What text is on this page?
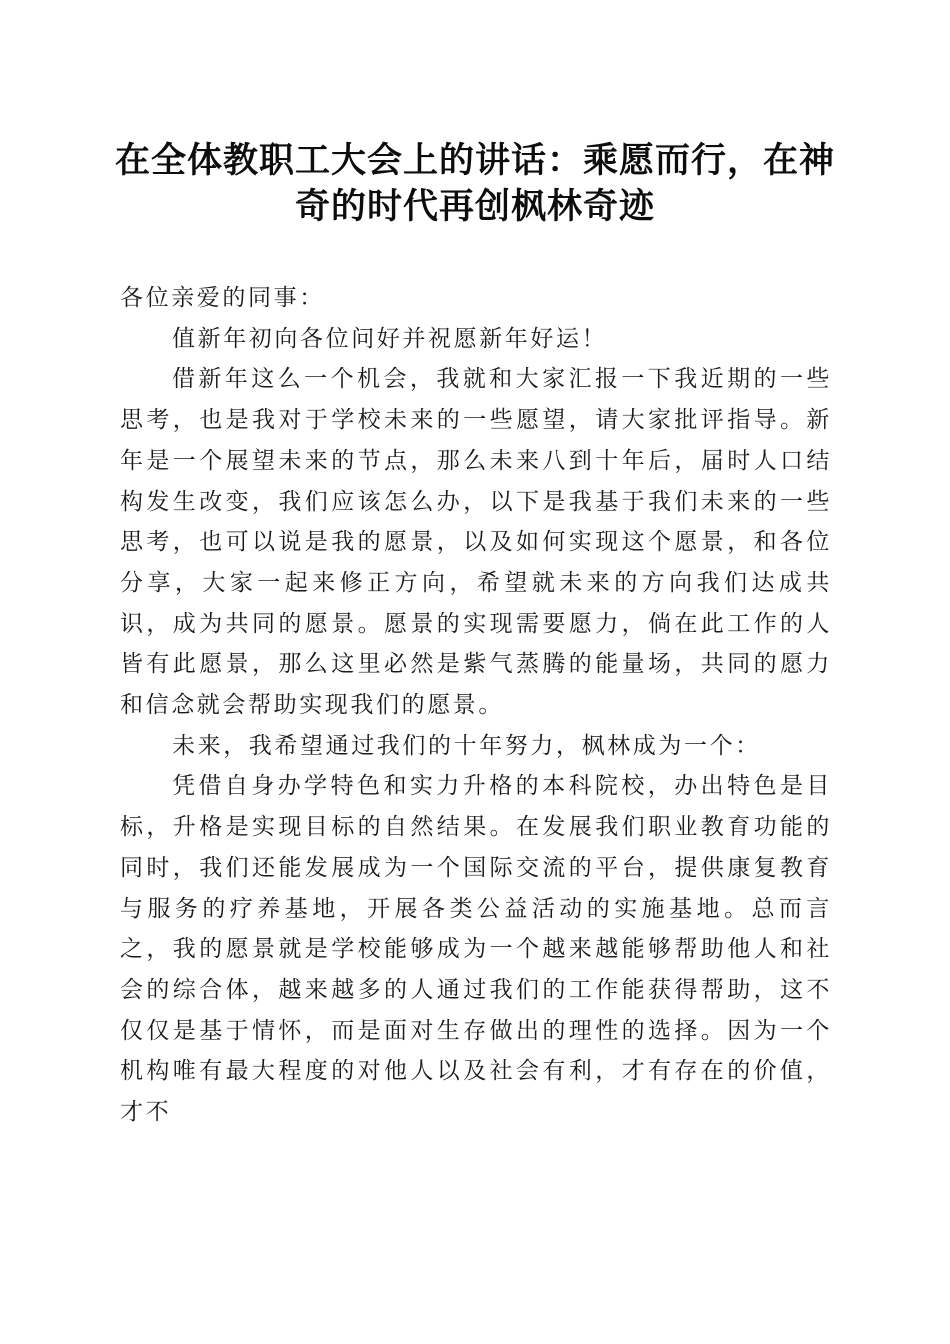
在全体教职工大会上的讲话：乘愿而行，在神
奇的时代再创枫林奇迹

各位亲爱的同事：

值新年初向各位问好并祝愿新年好运！

借新年这么一个机会，我就和大家汇报一下我近期的一些思考，也是我对于学校未来的一些愿望，请大家批评指导。新年是一个展望未来的节点，那么未来八到十年后，届时人口结构发生改变，我们应该怎么办，以下是我基于我们未来的一些思考，也可以说是我的愿景，以及如何实现这个愿景，和各位分享，大家一起来修正方向，希望就未来的方向我们达成共识，成为共同的愿景。愿景的实现需要愿力，倘在此工作的人皆有此愿景，那么这里必然是紫气蒸腾的能量场，共同的愿力和信念就会帮助实现我们的愿景。

未来，我希望通过我们的十年努力，枫林成为一个：

凭借自身办学特色和实力升格的本科院校，办出特色是目标，升格是实现目标的自然结果。在发展我们职业教育功能的同时，我们还能发展成为一个国际交流的平台，提供康复教育与服务的疗养基地，开展各类公益活动的实施基地。总而言之，我的愿景就是学校能够成为一个越来越能够帮助他人和社会的综合体，越来越多的人通过我们的工作能获得帮助，这不仅仅是基于情怀，而是面对生存做出的理性的选择。因为一个机构唯有最大程度的对他人以及社会有利，才有存在的价值，才不
